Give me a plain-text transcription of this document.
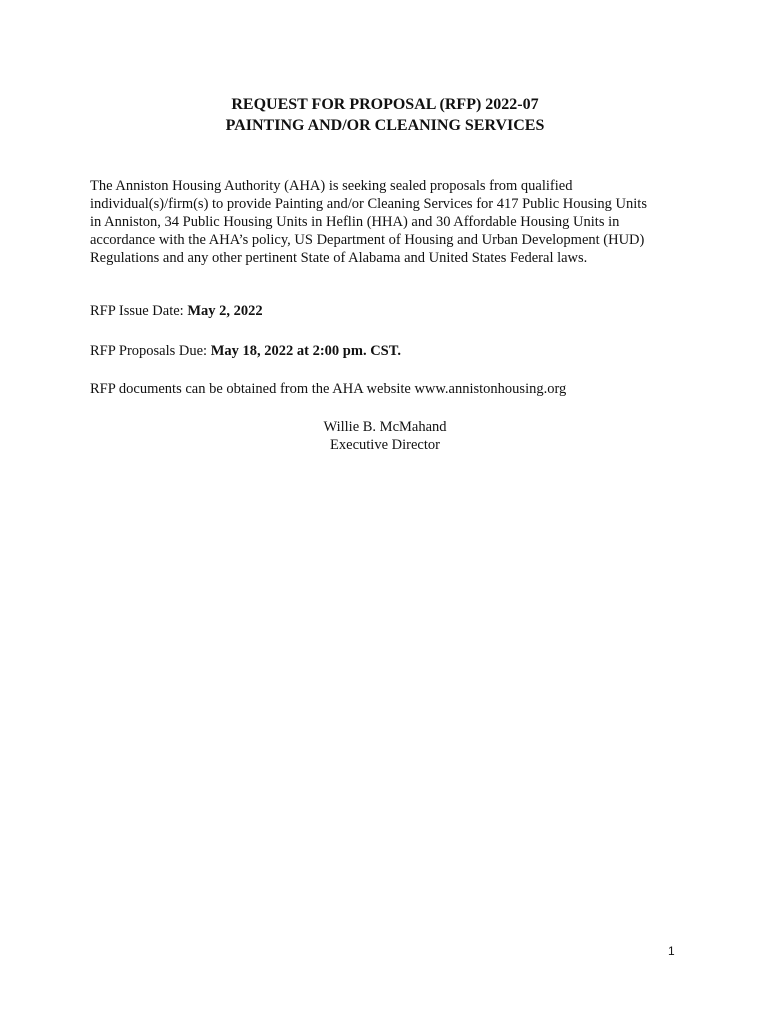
REQUEST FOR PROPOSAL (RFP) 2022-07
PAINTING AND/OR CLEANING SERVICES

The Anniston Housing Authority (AHA) is seeking sealed proposals from qualified
individual(s)/firm(s) to provide Painting and/or Cleaning Services for 417 Public Housing Units
in Anniston, 34 Public Housing Units in Heflin (HHA) and 30 Affordable Housing Units in
accordance with the AHA’s policy, US Department of Housing and Urban Development (HUD)
Regulations and any other pertinent State of Alabama and United States Federal laws.

RFP Issue Date: May 2, 2022
RFP Proposals Due: May 18, 2022 at 2:00 pm. CST.
RFP documents can be obtained from the AHA website www.annistonhousing.org
Willie B. McMahand
Executive Director
1
